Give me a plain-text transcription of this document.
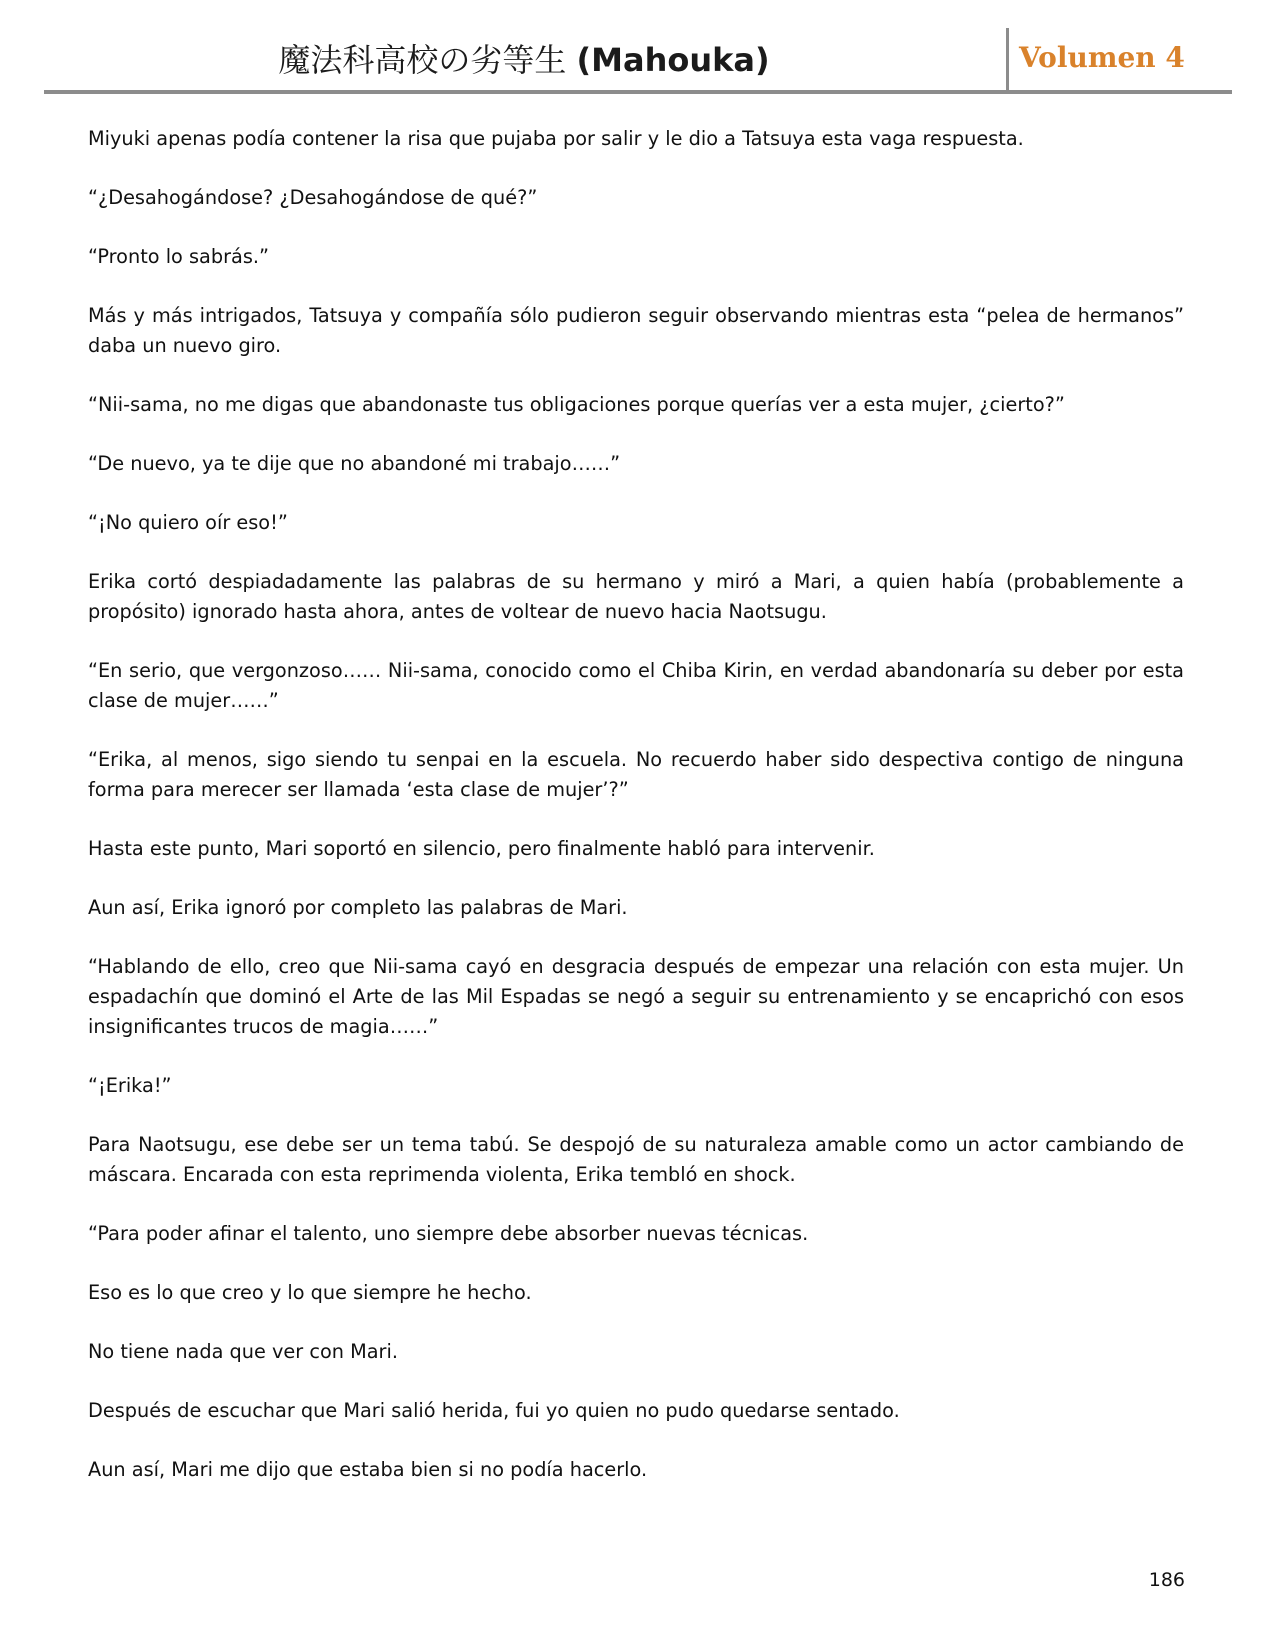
魔法科高校の劣等生 (Mahouka)	Volumen 4

Miyuki apenas podía contener la risa que pujaba por salir y le dio a Tatsuya esta vaga respuesta.

“¿Desahogándose? ¿Desahogándose de qué?”

“Pronto lo sabrás.”

Más y más intrigados, Tatsuya y compañía sólo pudieron seguir observando mientras esta “pelea de hermanos” daba un nuevo giro.

“Nii-sama, no me digas que abandonaste tus obligaciones porque querías ver a esta mujer, ¿cierto?”

“De nuevo, ya te dije que no abandoné mi trabajo……”

“¡No quiero oír eso!”

Erika cortó despiadadamente las palabras de su hermano y miró a Mari, a quien había (probablemente a propósito) ignorado hasta ahora, antes de voltear de nuevo hacia Naotsugu.

“En serio, que vergonzoso…… Nii-sama, conocido como el Chiba Kirin, en verdad abandonaría su deber por esta clase de mujer……”

“Erika, al menos, sigo siendo tu senpai en la escuela. No recuerdo haber sido despectiva contigo de ninguna forma para merecer ser llamada ‘esta clase de mujer’?”

Hasta este punto, Mari soportó en silencio, pero finalmente habló para intervenir.

Aun así, Erika ignoró por completo las palabras de Mari.

“Hablando de ello, creo que Nii-sama cayó en desgracia después de empezar una relación con esta mujer. Un espadachín que dominó el Arte de las Mil Espadas se negó a seguir su entrenamiento y se encaprichó con esos insignificantes trucos de magia……”

“¡Erika!”

Para Naotsugu, ese debe ser un tema tabú. Se despojó de su naturaleza amable como un actor cambiando de máscara. Encarada con esta reprimenda violenta, Erika tembló en shock.

“Para poder afinar el talento, uno siempre debe absorber nuevas técnicas.

Eso es lo que creo y lo que siempre he hecho.

No tiene nada que ver con Mari.

Después de escuchar que Mari salió herida, fui yo quien no pudo quedarse sentado.

Aun así, Mari me dijo que estaba bien si no podía hacerlo.

186
